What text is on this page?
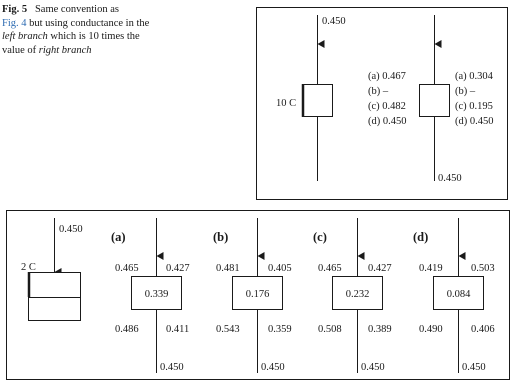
Fig. 5 Same convention as
Fig. 4 but using conductance in the left branch which is 10 times the value of right branch
0.450
10 C
(a) 0.467
(b) –
(c) 0.482
(d) 0.450
(a) 0.304
(b) –
(c) 0.195
(d) 0.450
0.450
0.450
2 C
(a)
0.465	0.427
0.339
0.486	0.411
0.450
(b)
0.481	0.405
0.176
0.543	0.359
0.450
(c)
0.465	0.427
0.232
0.508	0.389
0.450
(d)
0.419	0.503
0.084
0.490	0.406
0.450
